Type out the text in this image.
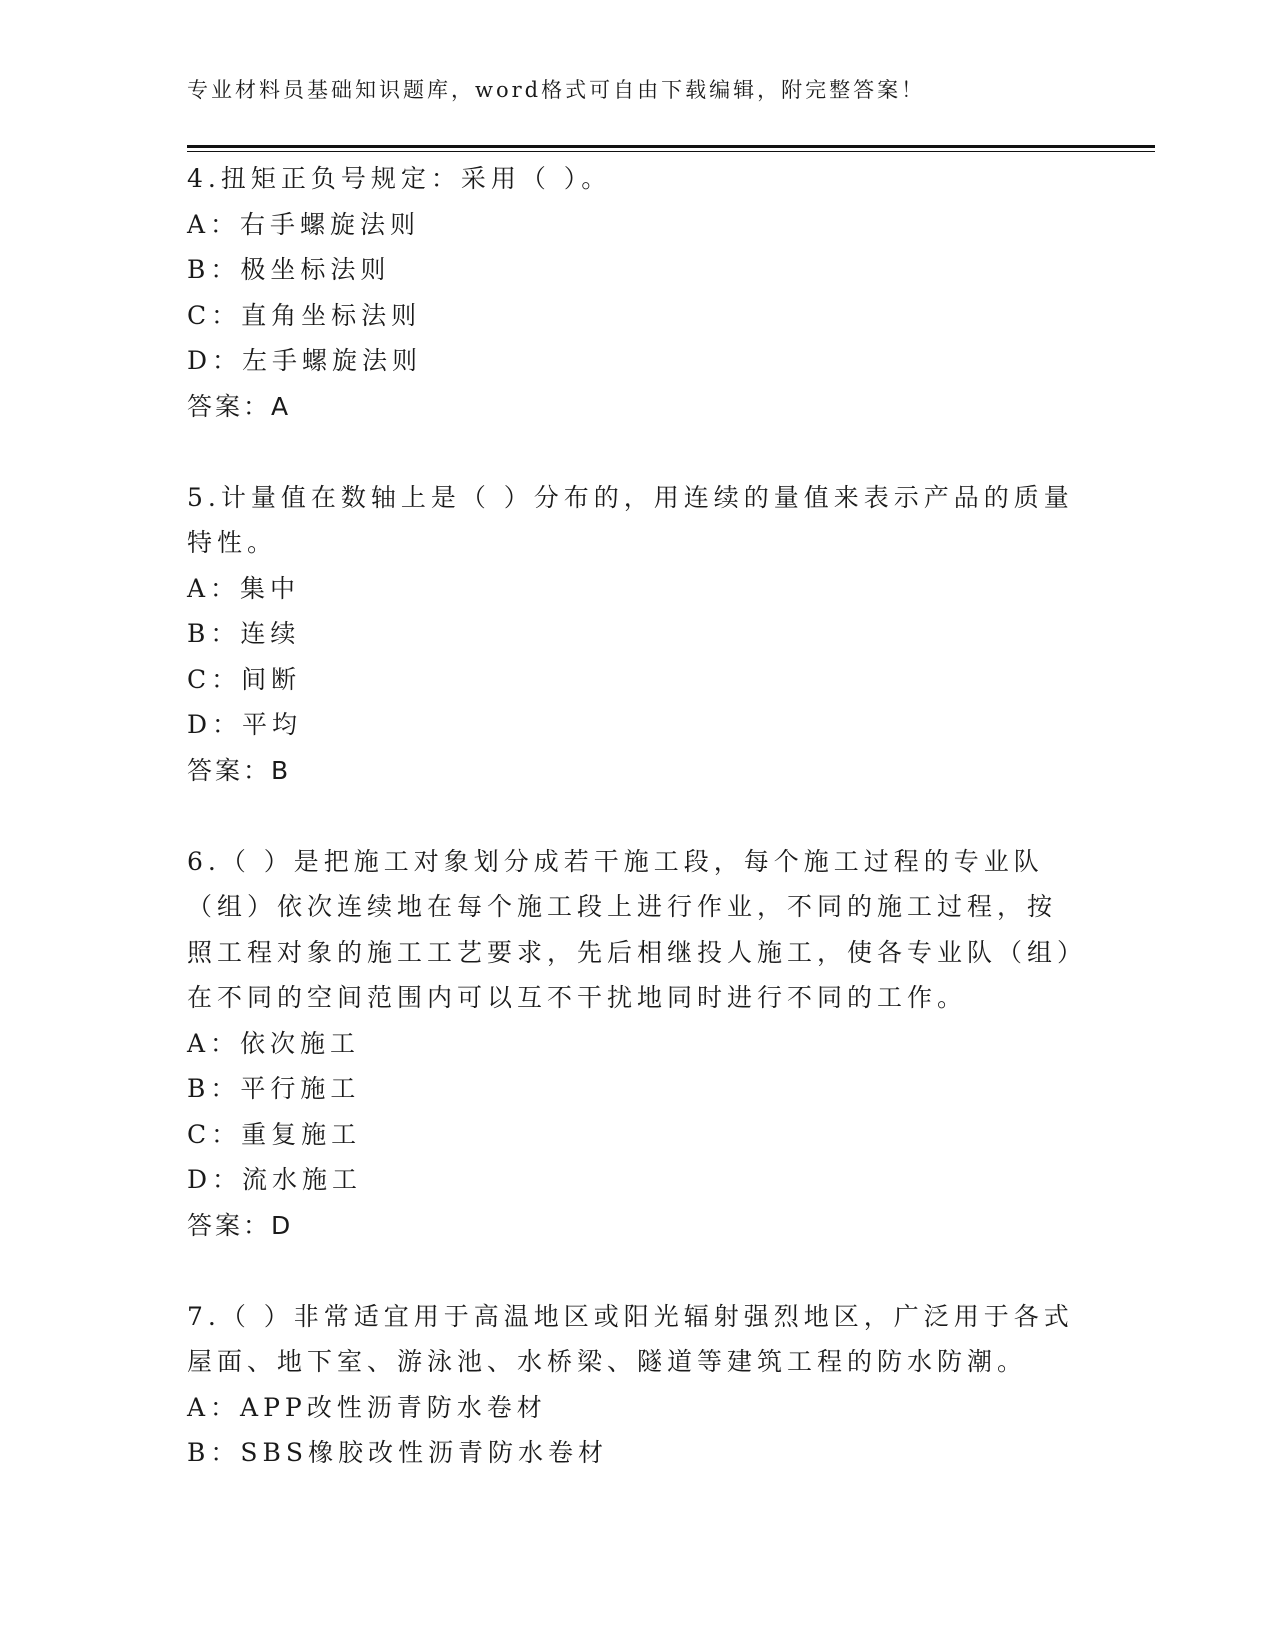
专业材料员基础知识题库，word格式可自由下载编辑，附完整答案！
4.扭矩正负号规定：采用（ ）。
A：右手螺旋法则
B：极坐标法则
C：直角坐标法则
D：左手螺旋法则
答案：A
5.计量值在数轴上是（ ）分布的，用连续的量值来表示产品的质量特性。
A：集中
B：连续
C：间断
D：平均
答案：B
6.（ ）是把施工对象划分成若干施工段，每个施工过程的专业队（组）依次连续地在每个施工段上进行作业，不同的施工过程，按照工程对象的施工工艺要求，先后相继投人施工，使各专业队（组）在不同的空间范围内可以互不干扰地同时进行不同的工作。
A：依次施工
B：平行施工
C：重复施工
D：流水施工
答案：D
7.（ ）非常适宜用于高温地区或阳光辐射强烈地区，广泛用于各式屋面、地下室、游泳池、水桥梁、隧道等建筑工程的防水防潮。
A：APP改性沥青防水卷材
B：SBS橡胶改性沥青防水卷材
